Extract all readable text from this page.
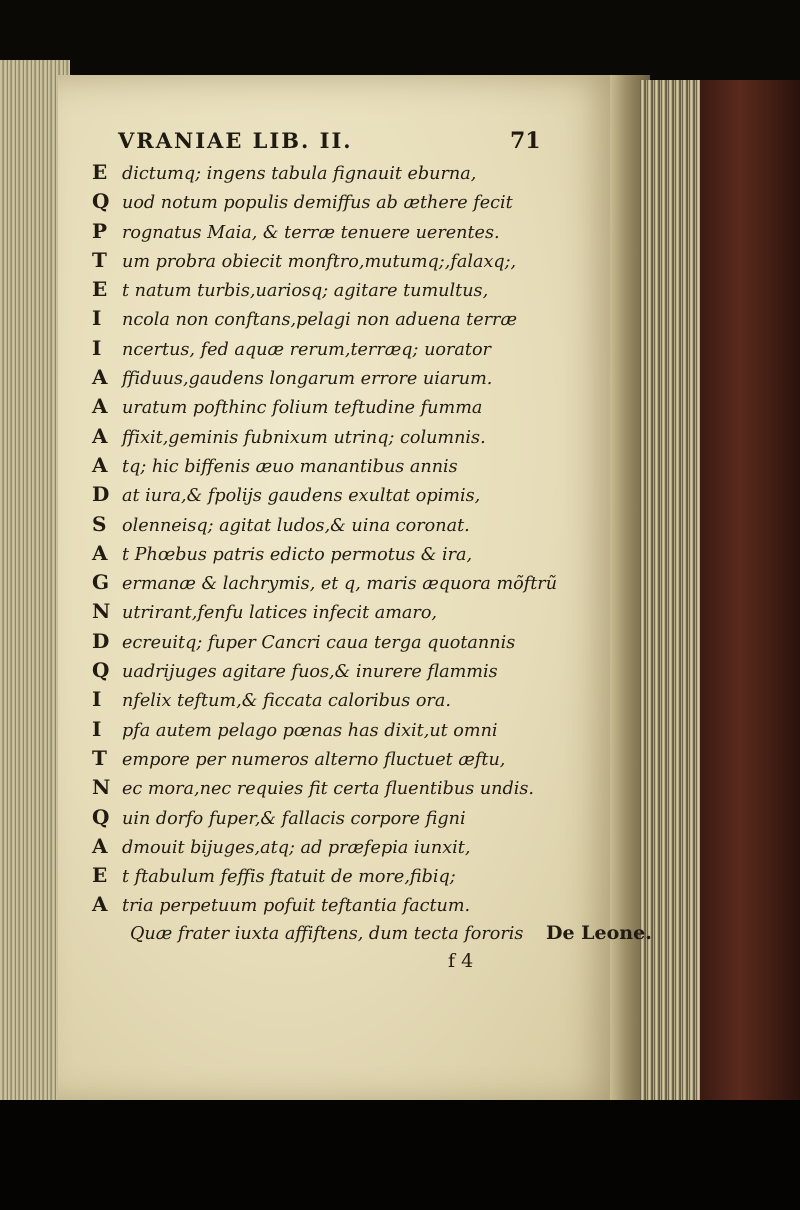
VRANIAE LIB. II.	71
E dictumq; ingens tabula fignauit eburna,
Q uod notum populis demiffus ab æthere fecit
P rognatus Maia, & terræ tenuere uerentes.
T um probra obiecit monftro,mutumq;,falaxq;,
E t natum turbis,uariosq; agitare tumultus,
I ncola non conftans,pelagi non aduena terræ
I ncertus, fed aquæ rerum,terræq; uorator
A ffiduus,gaudens longarum errore uiarum.
A uratum pofthinc folium teftudine fumma
A ffixit,geminis fubnixum utrinq; columnis.
A tq; hic biffenis æuo manantibus annis
D at iura,& fpolijs gaudens exultat opimis,
S olenneisq; agitat ludos,& uina coronat.
A t Phœbus patris edicto permotus & ira,
G ermanæ & lachrymis, et q, maris æquora mõftrũ
N utrirant,fenfu latices infecit amaro,
D ecreuitq; fuper Cancri caua terga quotannis
Q uadrijuges agitare fuos,& inurere flammis
I nfelix teftum,& ficcata caloribus ora.
I pfa autem pelago pœnas has dixit,ut omni
T empore per numeros alterno fluctuet æftu,
N ec mora,nec requies fit certa fluentibus undis.
Q uin dorfo fuper,& fallacis corpore figni
A dmouit bijuges,atq; ad præfepia iunxit,
E t ftabulum feffis ftatuit de more,fibiq;
A tria perpetuum pofuit teftantia factum.
Quæ frater iuxta affiftens, dum tecta fororis	De Leone.
f 4
